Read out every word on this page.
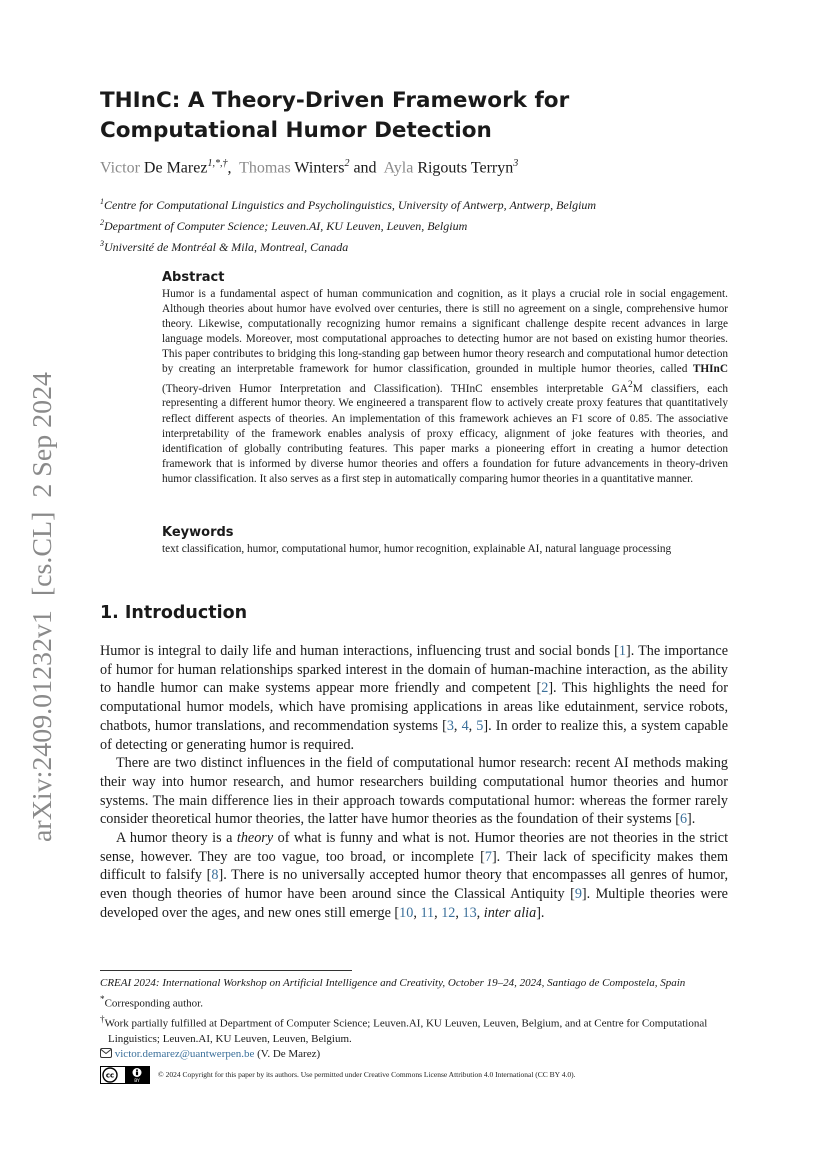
arXiv:2409.01232v1  [cs.CL]  2 Sep 2024
THInC: A Theory-Driven Framework for Computational Humor Detection
Victor De Marez$^{1,*,\dagger}$, Thomas Winters$^2$ and Ayla Rigouts Terryn$^3$
$^1$Centre for Computational Linguistics and Psycholinguistics, University of Antwerp, Antwerp, Belgium
$^2$Department of Computer Science; Leuven.AI, KU Leuven, Leuven, Belgium
$^3$Université de Montréal & Mila, Montreal, Canada
Abstract

Humor is a fundamental aspect of human communication and cognition, as it plays a crucial role in social engagement. Although theories about humor have evolved over centuries, there is still no agreement on a single, comprehensive humor theory. Likewise, computationally recognizing humor remains a significant challenge despite recent advances in large language models. Moreover, most computational approaches to detecting humor are not based on existing humor theories. This paper contributes to bridging this long-standing gap between humor theory research and computational humor detection by creating an interpretable framework for humor classification, grounded in multiple humor theories, called THInC (Theory-driven Humor Interpretation and Classification). THInC ensembles interpretable $GA^2M$ classifiers, each representing a different humor theory. We engineered a transparent flow to actively create proxy features that quantitatively reflect different aspects of theories. An implementation of this framework achieves an F1 score of 0.85. The associative interpretability of the framework enables analysis of proxy efficacy, alignment of joke features with theories, and identification of globally contributing features. This paper marks a pioneering effort in creating a humor detection framework that is informed by diverse humor theories and offers a foundation for future advancements in theory-driven humor classification. It also serves as a first step in automatically comparing humor theories in a quantitative manner.

Keywords

text classification, humor, computational humor, humor recognition, explainable AI, natural language processing

1. Introduction

Humor is integral to daily life and human interactions, influencing trust and social bonds [1]. The importance of humor for human relationships sparked interest in the domain of human-machine interaction, as the ability to handle humor can make systems appear more friendly and competent [2]. This highlights the need for computational humor models, which have promising applications in areas like edutainment, service robots, chatbots, humor translations, and recommendation systems [3, 4, 5]. In order to realize this, a system capable of detecting or generating humor is required.

There are two distinct influences in the field of computational humor research: recent AI methods making their way into humor research, and humor researchers building computational humor theories and humor systems. The main difference lies in their approach towards computational humor: whereas the former rarely consider theoretical humor theories, the latter have humor theories as the foundation of their systems [6].

A humor theory is a theory of what is funny and what is not. Humor theories are not theories in the strict sense, however. They are too vague, too broad, or incomplete [7]. Their lack of specificity makes them difficult to falsify [8]. There is no universally accepted humor theory that encompasses all genres of humor, even though theories of humor have been around since the Classical Antiquity [9]. Multiple theories were developed over the ages, and new ones still emerge [10, 11, 12, 13, inter alia].

CREAI 2024: International Workshop on Artificial Intelligence and Creativity, October 19–24, 2024, Santiago de Compostela, Spain

*Corresponding author.

†Work partially fulfilled at Department of Computer Science; Leuven.AI, KU Leuven, Leuven, Belgium, and at Centre for Computational Linguistics; Leuven.AI, KU Leuven, Leuven, Belgium.

victor.demarez@uantwerpen.be (V. De Marez)

cc
BY
© 2024 Copyright for this paper by its authors. Use permitted under Creative Commons License Attribution 4.0 International (CC BY 4.0).
